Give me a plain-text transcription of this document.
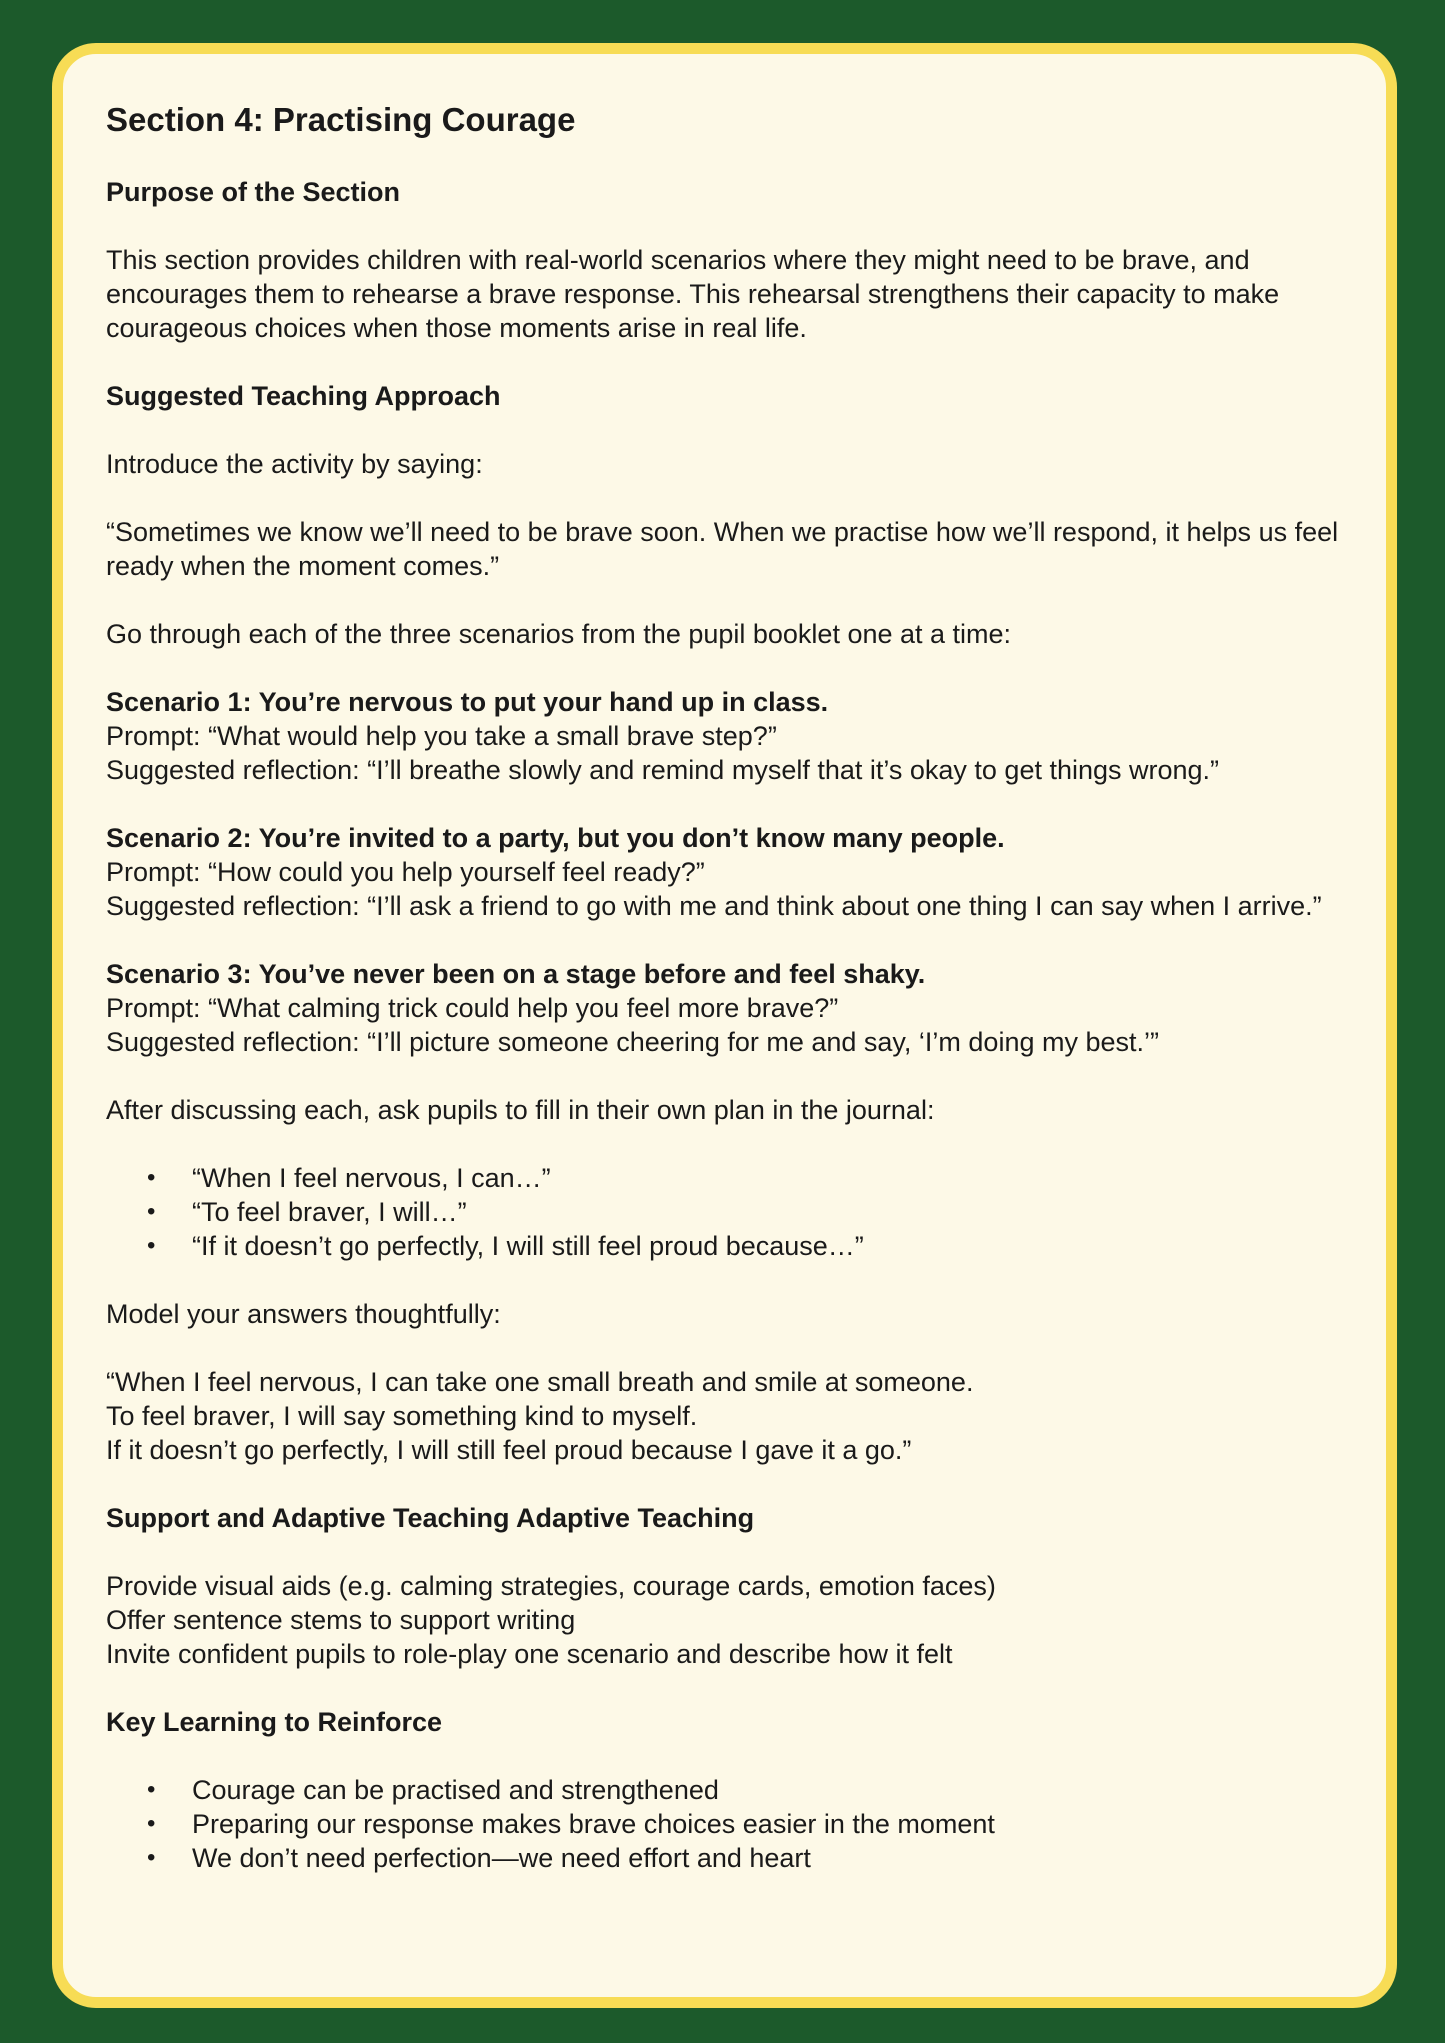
Section 4: Practising Courage
Purpose of the Section

This section provides children with real-world scenarios where they might need to be brave, and encourages them to rehearse a brave response. This rehearsal strengthens their capacity to make courageous choices when those moments arise in real life.

Suggested Teaching Approach

Introduce the activity by saying:

“Sometimes we know we’ll need to be brave soon. When we practise how we’ll respond, it helps us feel ready when the moment comes.”

Go through each of the three scenarios from the pupil booklet one at a time:

Scenario 1: You’re nervous to put your hand up in class.
Prompt: “What would help you take a small brave step?”
Suggested reflection: “I’ll breathe slowly and remind myself that it’s okay to get things wrong.”

Scenario 2: You’re invited to a party, but you don’t know many people.
Prompt: “How could you help yourself feel ready?”
Suggested reflection: “I’ll ask a friend to go with me and think about one thing I can say when I arrive.”

Scenario 3: You’ve never been on a stage before and feel shaky.
Prompt: “What calming trick could help you feel more brave?”
Suggested reflection: “I’ll picture someone cheering for me and say, ‘I’m doing my best.’”

After discussing each, ask pupils to fill in their own plan in the journal:

• “When I feel nervous, I can…”
• “To feel braver, I will…”
• “If it doesn’t go perfectly, I will still feel proud because…”

Model your answers thoughtfully:

“When I feel nervous, I can take one small breath and smile at someone.
To feel braver, I will say something kind to myself.
If it doesn’t go perfectly, I will still feel proud because I gave it a go.”

Support and Adaptive Teaching Adaptive Teaching

Provide visual aids (e.g. calming strategies, courage cards, emotion faces)
Offer sentence stems to support writing
Invite confident pupils to role-play one scenario and describe how it felt

Key Learning to Reinforce
• Courage can be practised and strengthened
• Preparing our response makes brave choices easier in the moment
• We don’t need perfection—we need effort and heart
